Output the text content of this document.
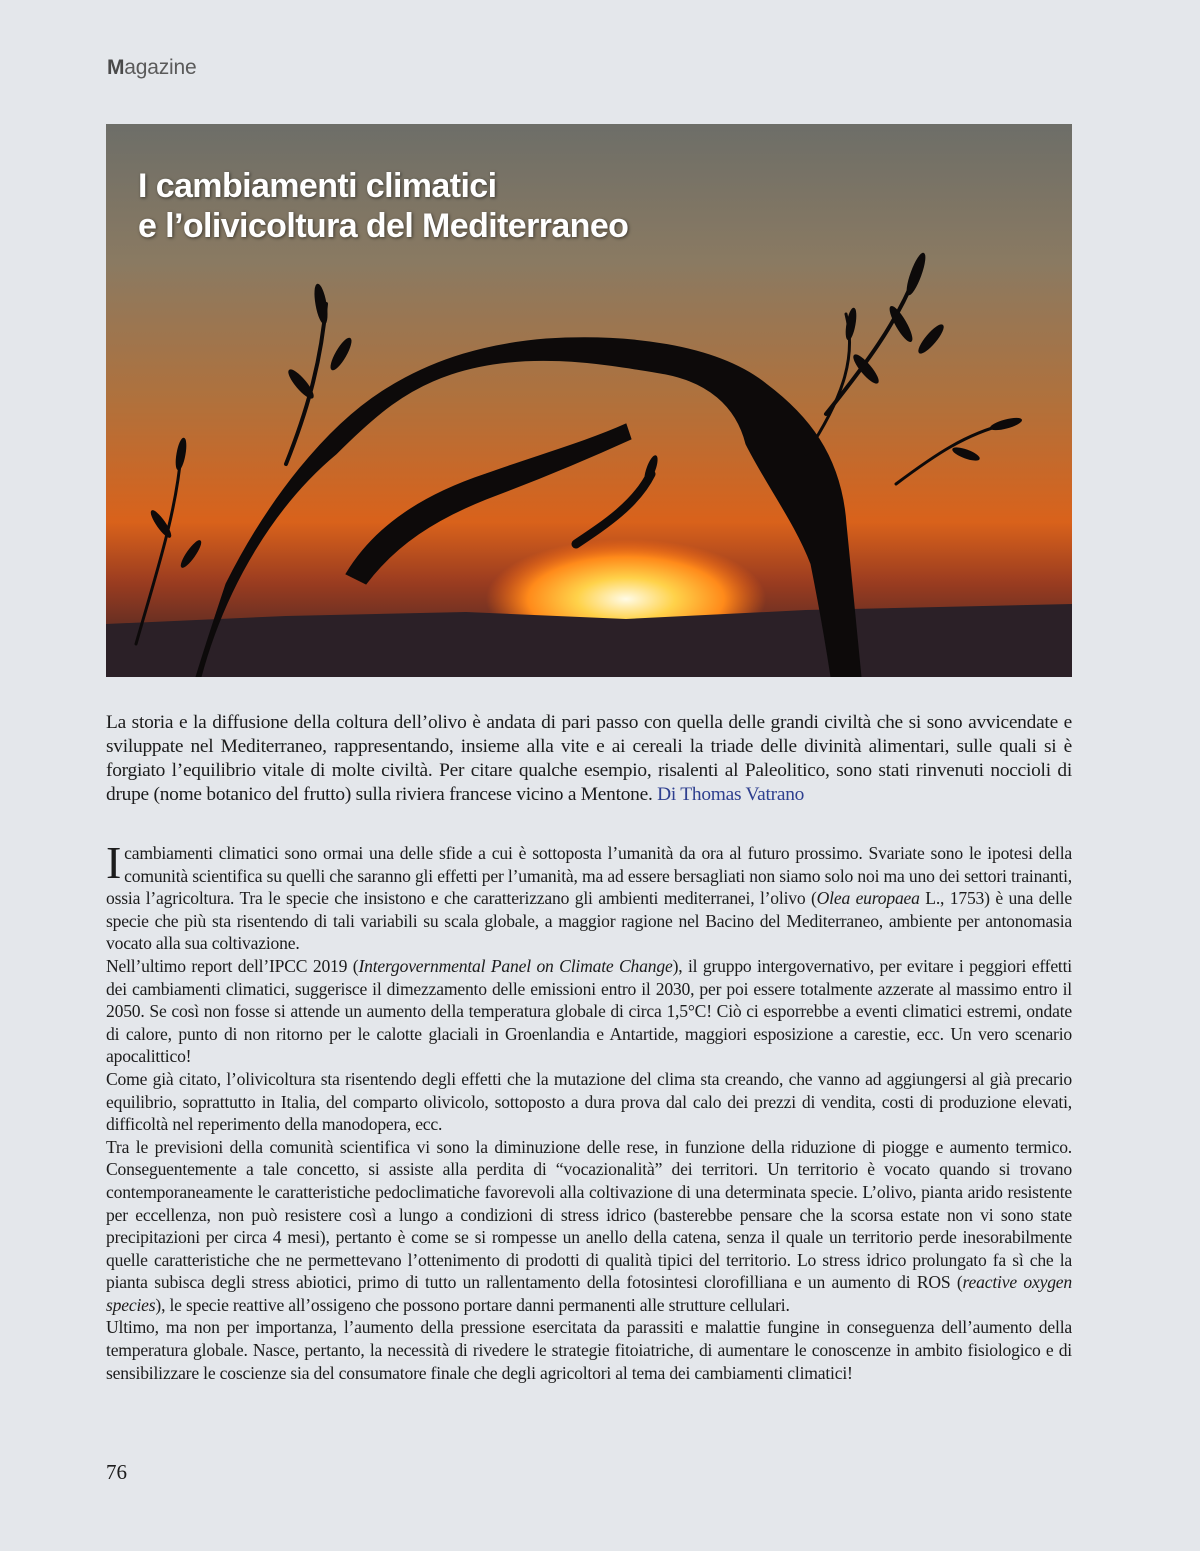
Magazine
I cambiamenti climatici
e l’olivicoltura del Mediterraneo

La storia e la diffusione della coltura dell’olivo è andata di pari passo con quella delle grandi civiltà che si sono avvicendate e sviluppate nel Mediterraneo, rappresentando, insieme alla vite e ai cereali la triade delle divinità alimentari, sulle quali si è forgiato l’equilibrio vitale di molte civiltà. Per citare qualche esempio, risalenti al Paleolitico, sono stati rinvenuti noccioli di drupe (nome botanico del frutto) sulla riviera francese vicino a Mentone. Di Thomas Vatrano

Icambiamenti climatici sono ormai una delle sfide a cui è sottoposta l’umanità da ora al futuro prossimo. Svariate sono le ipotesi della comunità scientifica su quelli che saranno gli effetti per l’umanità, ma ad essere bersagliati non siamo solo noi ma uno dei settori trainanti, ossia l’agricoltura. Tra le specie che insistono e che caratterizzano gli ambienti mediterranei, l’olivo (Olea europaea L., 1753) è una delle specie che più sta risentendo di tali variabili su scala globale, a maggior ragione nel Bacino del Mediterraneo, ambiente per antonomasia vocato alla sua coltivazione.

Nell’ultimo report dell’IPCC 2019 (Intergovernmental Panel on Climate Change), il gruppo intergovernativo, per evitare i peggiori effetti dei cambiamenti climatici, suggerisce il dimezzamento delle emissioni entro il 2030, per poi essere totalmente azzerate al massimo entro il 2050. Se così non fosse si attende un aumento della temperatura globale di circa 1,5°C! Ciò ci esporrebbe a eventi climatici estremi, ondate di calore, punto di non ritorno per le calotte glaciali in Groenlandia e Antartide, maggiori esposizione a carestie, ecc. Un vero scenario apocalittico!

Come già citato, l’olivicoltura sta risentendo degli effetti che la mutazione del clima sta creando, che vanno ad aggiungersi al già precario equilibrio, soprattutto in Italia, del comparto olivicolo, sottoposto a dura prova dal calo dei prezzi di vendita, costi di produzione elevati, difficoltà nel reperimento della manodopera, ecc.

Tra le previsioni della comunità scientifica vi sono la diminuzione delle rese, in funzione della riduzione di piogge e aumento termico. Conseguentemente a tale concetto, si assiste alla perdita di “vocazionalità” dei territori. Un territorio è vocato quando si trovano contemporaneamente le caratteristiche pedoclimatiche favorevoli alla coltivazione di una determinata specie. L’olivo, pianta arido resistente per eccellenza, non può resistere così a lungo a condizioni di stress idrico (basterebbe pensare che la scorsa estate non vi sono state precipitazioni per circa 4 mesi), pertanto è come se si rompesse un anello della catena, senza il quale un territorio perde inesorabilmente quelle caratteristiche che ne permettevano l’ottenimento di prodotti di qualità tipici del territorio. Lo stress idrico prolungato fa sì che la pianta subisca degli stress abiotici, primo di tutto un rallentamento della fotosintesi clorofilliana e un aumento di ROS (reactive oxygen species), le specie reattive all’ossigeno che possono portare danni permanenti alle strutture cellulari.

Ultimo, ma non per importanza, l’aumento della pressione esercitata da parassiti e malattie fungine in conseguenza dell’aumento della temperatura globale. Nasce, pertanto, la necessità di rivedere le strategie fitoiatriche, di aumentare le conoscenze in ambito fisiologico e di sensibilizzare le coscienze sia del consumatore finale che degli agricoltori al tema dei cambiamenti climatici!

76
